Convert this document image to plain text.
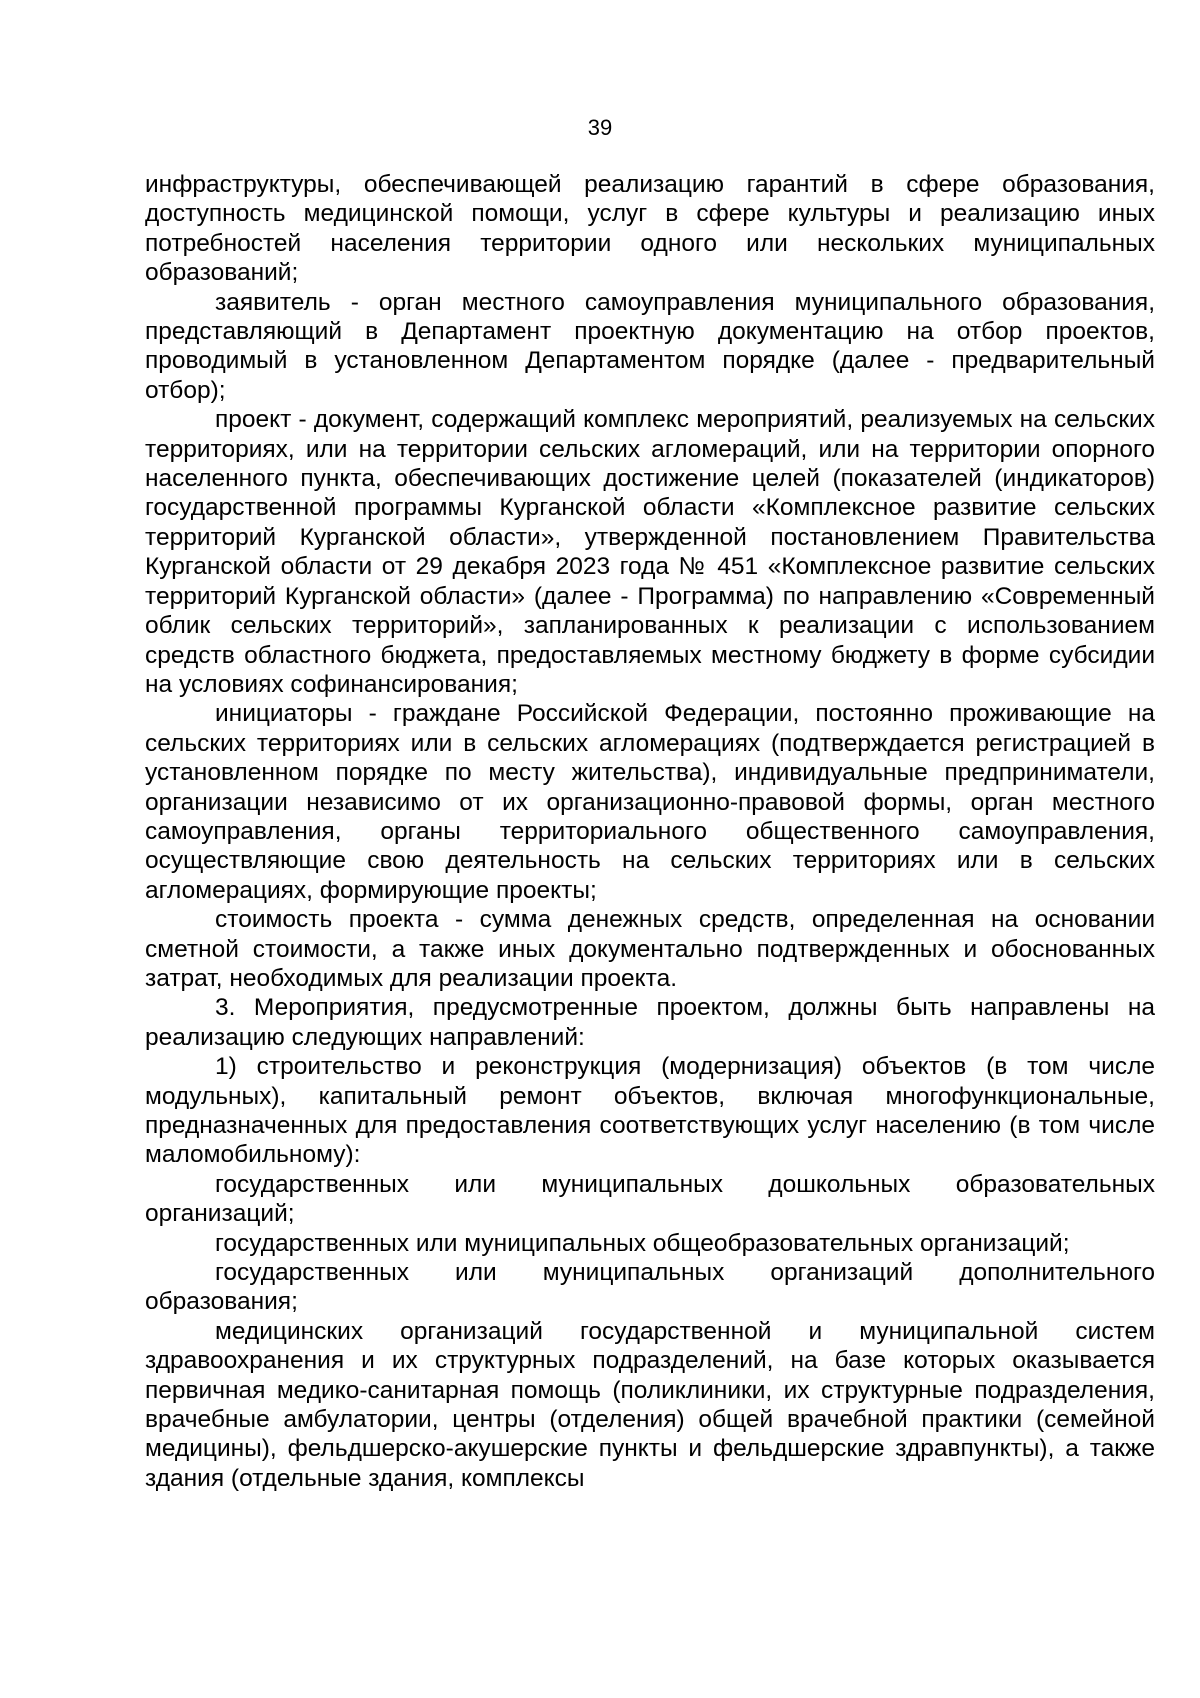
39

инфраструктуры, обеспечивающей реализацию гарантий в сфере образования, доступность медицинской помощи, услуг в сфере культуры и реализацию иных потребностей населения территории одного или нескольких муниципальных образований;

заявитель - орган местного самоуправления муниципального образования, представляющий в Департамент проектную документацию на отбор проектов, проводимый в установленном Департаментом порядке (далее - предварительный отбор);

проект - документ, содержащий комплекс мероприятий, реализуемых на сельских территориях, или на территории сельских агломераций, или на территории опорного населенного пункта, обеспечивающих достижение целей (показателей (индикаторов) государственной программы Курганской области «Комплексное развитие сельских территорий Курганской области», утвержденной постановлением Правительства Курганской области от 29 декабря 2023 года № 451 «Комплексное развитие сельских территорий Курганской области» (далее - Программа) по направлению «Современный облик сельских территорий», запланированных к реализации с использованием средств областного бюджета, предоставляемых местному бюджету в форме субсидии на условиях софинансирования;

инициаторы - граждане Российской Федерации, постоянно проживающие на сельских территориях или в сельских агломерациях (подтверждается регистрацией в установленном порядке по месту жительства), индивидуальные предприниматели, организации независимо от их организационно-правовой формы, орган местного самоуправления, органы территориального общественного самоуправления, осуществляющие свою деятельность на сельских территориях или в сельских агломерациях, формирующие проекты;

стоимость проекта - сумма денежных средств, определенная на основании сметной стоимости, а также иных документально подтвержденных и обоснованных затрат, необходимых для реализации проекта.

3. Мероприятия, предусмотренные проектом, должны быть направлены на реализацию следующих направлений:

1) строительство и реконструкция (модернизация) объектов (в том числе модульных), капитальный ремонт объектов, включая многофункциональные, предназначенных для предоставления соответствующих услуг населению (в том числе маломобильному):

государственных или муниципальных дошкольных образовательных организаций;

государственных или муниципальных общеобразовательных организаций;

государственных или муниципальных организаций дополнительного образования;

медицинских организаций государственной и муниципальной систем здравоохранения и их структурных подразделений, на базе которых оказывается первичная медико-санитарная помощь (поликлиники, их структурные подразделения, врачебные амбулатории, центры (отделения) общей врачебной практики (семейной медицины), фельдшерско-акушерские пункты и фельдшерские здравпункты), а также здания (отдельные здания, комплексы
